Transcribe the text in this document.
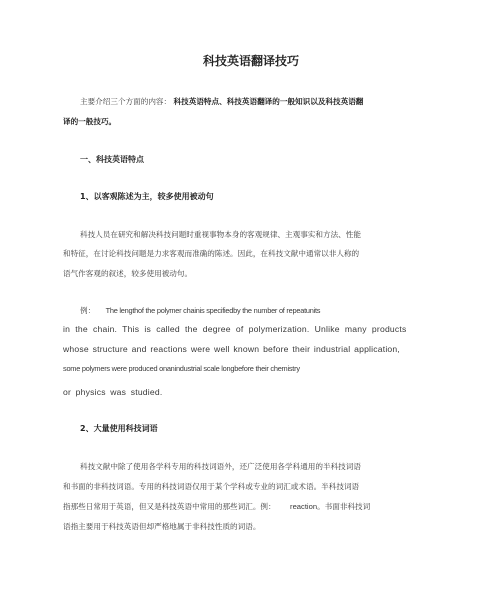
科技英语翻译技巧

主要介绍三个方面的内容： 科技英语特点、科技英语翻译的一般知识以及科技英语翻

译的一般技巧。

一、科技英语特点

1、以客观陈述为主，较多使用被动句

科技人员在研究和解决科技问题时重视事物本身的客观规律、主观事实和方法、性能

和特征，在讨论科技问题是力求客观而准确的陈述。因此，在科技文献中通常以非人称的

语气作客观的叙述，较多使用被动句。

例： The lengthof the polymer chainis specifiedby the number of repeatunits

in the chain. This is called the degree of polymerization. Unlike many products

whose structure and reactions were well known before their industrial application,

some polymers were produced onanindustrial scale longbefore their chemistry

or physics was studied.

2、大量使用科技词语

科技文献中除了使用各学科专用的科技词语外，还广泛使用各学科通用的半科技词语

和书面的非科技词语。专用的科技词语仅用于某个学科或专业的词汇或术语。半科技词语

指那些日常用于英语，但又是科技英语中常用的那些词汇。例： reaction。书面非科技词

语指主要用于科技英语但却严格地属于非科技性质的词语。
